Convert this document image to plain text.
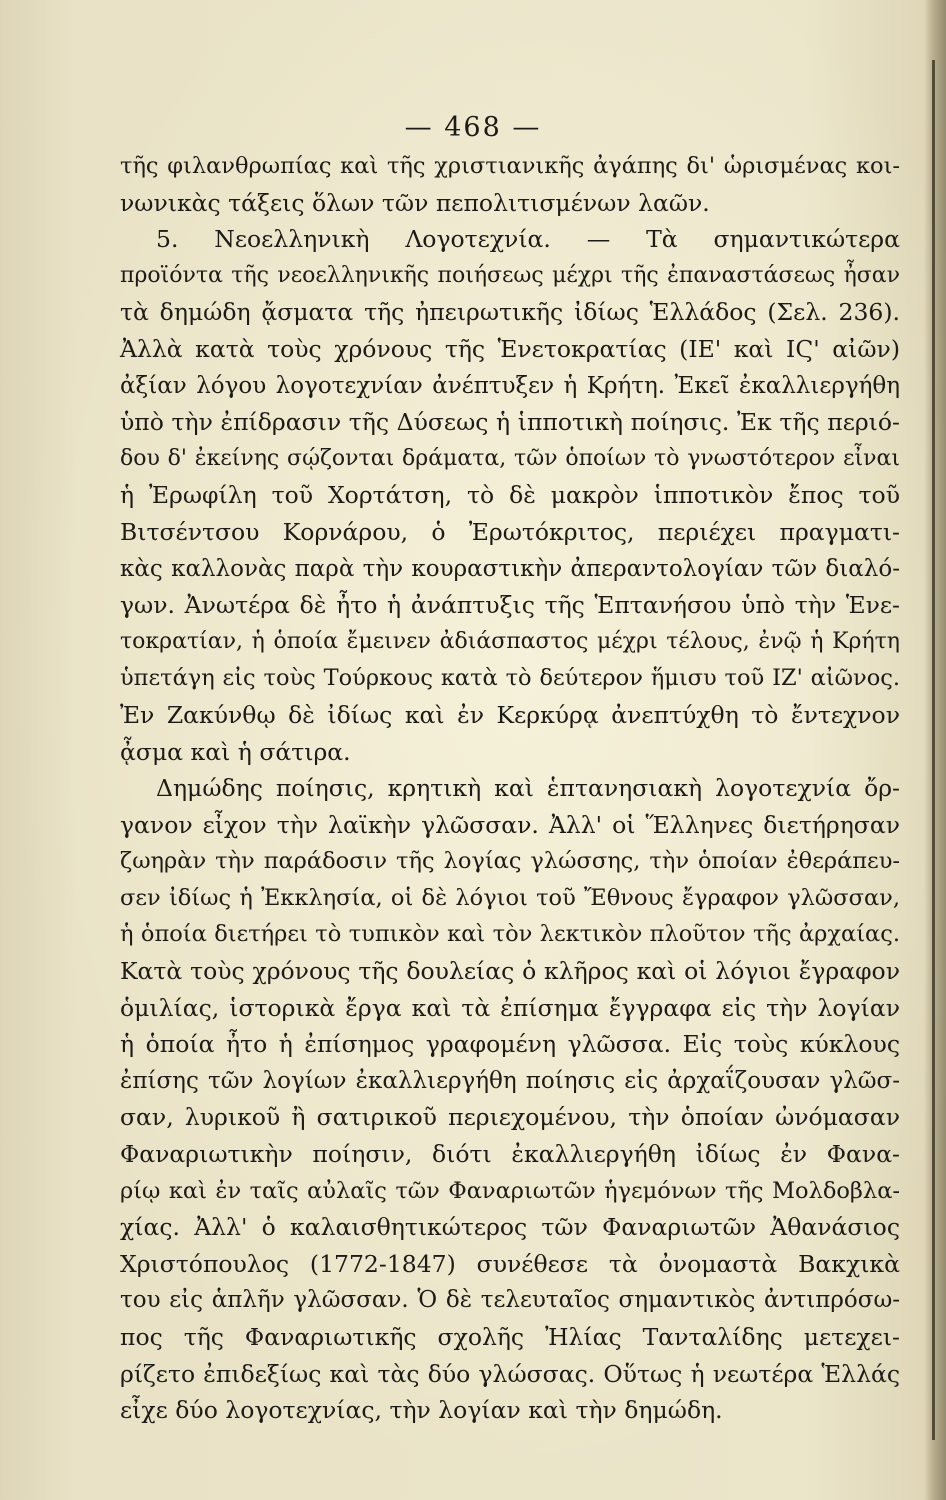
— 468 —
τῆς φιλανθρωπίας καὶ τῆς χριστιανικῆς ἀγάπης δι' ὡρισμένας κοι-
νωνικὰς τάξεις ὅλων τῶν πεπολιτισμένων λαῶν.
5. Νεοελληνικὴ Λογοτεχνία. — Τὰ σημαντικώτερα
προϊόντα τῆς νεοελληνικῆς ποιήσεως μέχρι τῆς ἐπαναστάσεως ἦσαν
τὰ δημώδη ᾄσματα τῆς ἠπειρωτικῆς ἰδίως Ἑλλάδος (Σελ. 236).
Ἀλλὰ κατὰ τοὺς χρόνους τῆς Ἑνετοκρατίας (ΙΕ' καὶ ΙϚ' αἰῶν)
ἀξίαν λόγου λογοτεχνίαν ἀνέπτυξεν ἡ Κρήτη. Ἐκεῖ ἐκαλλιεργήθη
ὑπὸ τὴν ἐπίδρασιν τῆς Δύσεως ἡ ἱπποτικὴ ποίησις. Ἐκ τῆς περιό-
δου δ' ἐκείνης σῴζονται δράματα, τῶν ὁποίων τὸ γνωστότερον εἶναι
ἡ Ἐρωφίλη τοῦ Χορτάτση, τὸ δὲ μακρὸν ἱπποτικὸν ἔπος τοῦ
Βιτσέντσου Κορνάρου, ὁ Ἐρωτόκριτος, περιέχει πραγματι-
κὰς καλλονὰς παρὰ τὴν κουραστικὴν ἀπεραντολογίαν τῶν διαλό-
γων. Ἀνωτέρα δὲ ἦτο ἡ ἀνάπτυξις τῆς Ἑπτανήσου ὑπὸ τὴν Ἑνε-
τοκρατίαν, ἡ ὁποία ἔμεινεν ἀδιάσπαστος μέχρι τέλους, ἐνῷ ἡ Κρήτη
ὑπετάγη εἰς τοὺς Τούρκους κατὰ τὸ δεύτερον ἥμισυ τοῦ ΙΖ' αἰῶνος.
Ἐν Ζακύνθῳ δὲ ἰδίως καὶ ἐν Κερκύρᾳ ἀνεπτύχθη τὸ ἔντεχνον
ᾆσμα καὶ ἡ σάτιρα.
Δημώδης ποίησις, κρητικὴ καὶ ἑπτανησιακὴ λογοτεχνία ὄρ-
γανον εἶχον τὴν λαϊκὴν γλῶσσαν. Ἀλλ' οἱ Ἕλληνες διετήρησαν
ζωηρὰν τὴν παράδοσιν τῆς λογίας γλώσσης, τὴν ὁποίαν ἐθεράπευ-
σεν ἰδίως ἡ Ἐκκλησία, οἱ δὲ λόγιοι τοῦ Ἔθνους ἔγραφον γλῶσσαν,
ἡ ὁποία διετήρει τὸ τυπικὸν καὶ τὸν λεκτικὸν πλοῦτον τῆς ἀρχαίας.
Κατὰ τοὺς χρόνους τῆς δουλείας ὁ κλῆρος καὶ οἱ λόγιοι ἔγραφον
ὁμιλίας, ἱστορικὰ ἔργα καὶ τὰ ἐπίσημα ἔγγραφα εἰς τὴν λογίαν
ἡ ὁποία ἦτο ἡ ἐπίσημος γραφομένη γλῶσσα. Εἰς τοὺς κύκλους
ἐπίσης τῶν λογίων ἐκαλλιεργήθη ποίησις εἰς ἀρχαΐζουσαν γλῶσ-
σαν, λυρικοῦ ἢ σατιρικοῦ περιεχομένου, τὴν ὁποίαν ὠνόμασαν
Φαναριωτικὴν ποίησιν, διότι ἐκαλλιεργήθη ἰδίως ἐν Φανα-
ρίῳ καὶ ἐν ταῖς αὐλαῖς τῶν Φαναριωτῶν ἡγεμόνων τῆς Μολδοβλα-
χίας. Ἀλλ' ὁ καλαισθητικώτερος τῶν Φαναριωτῶν Ἀθανάσιος
Χριστόπουλος (1772-1847) συνέθεσε τὰ ὀνομαστὰ Βακχικὰ
του εἰς ἁπλῆν γλῶσσαν. Ὁ δὲ τελευταῖος σημαντικὸς ἀντιπρόσω-
πος τῆς Φαναριωτικῆς σχολῆς Ἠλίας Τανταλίδης μετεχει-
ρίζετο ἐπιδεξίως καὶ τὰς δύο γλώσσας. Οὕτως ἡ νεωτέρα Ἑλλάς
εἶχε δύο λογοτεχνίας, τὴν λογίαν καὶ τὴν δημώδη.
